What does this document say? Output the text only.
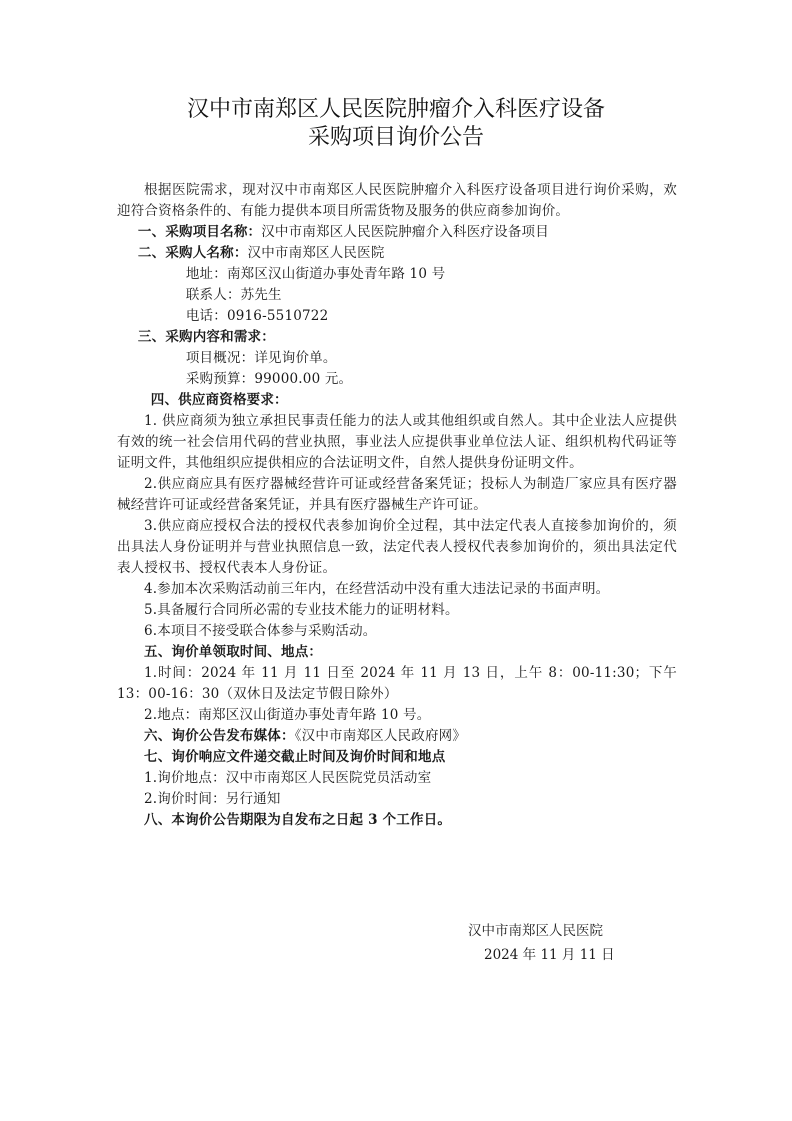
汉中市南郑区人民医院肿瘤介入科医疗设备
采购项目询价公告

根据医院需求，现对汉中市南郑区人民医院肿瘤介入科医疗设备项目进行询价采购，欢迎符合资格条件的、有能力提供本项目所需货物及服务的供应商参加询价。

一、采购项目名称：汉中市南郑区人民医院肿瘤介入科医疗设备项目

二、采购人名称：汉中市南郑区人民医院

地址：南郑区汉山街道办事处青年路 10 号

联系人：苏先生

电话：0916-5510722

三、采购内容和需求：

项目概况：详见询价单。

采购预算：99000.00 元。

四、供应商资格要求：

1. 供应商须为独立承担民事责任能力的法人或其他组织或自然人。其中企业法人应提供有效的统一社会信用代码的营业执照，事业法人应提供事业单位法人证、组织机构代码证等证明文件，其他组织应提供相应的合法证明文件，自然人提供身份证明文件。

2.供应商应具有医疗器械经营许可证或经营备案凭证；投标人为制造厂家应具有医疗器械经营许可证或经营备案凭证，并具有医疗器械生产许可证。

3.供应商应授权合法的授权代表参加询价全过程，其中法定代表人直接参加询价的，须出具法人身份证明并与营业执照信息一致，法定代表人授权代表参加询价的，须出具法定代表人授权书、授权代表本人身份证。

4.参加本次采购活动前三年内，在经营活动中没有重大违法记录的书面声明。

5.具备履行合同所必需的专业技术能力的证明材料。

6.本项目不接受联合体参与采购活动。

五、询价单领取时间、地点：

1.时间：2024 年 11 月 11 日至 2024 年 11 月 13 日，上午 8：00-11:30；下午 13：00-16：30（双休日及法定节假日除外）

2.地点：南郑区汉山街道办事处青年路 10 号。

六、询价公告发布媒体：《汉中市南郑区人民政府网》

七、询价响应文件递交截止时间及询价时间和地点

1.询价地点：汉中市南郑区人民医院党员活动室

2.询价时间：另行通知

八、本询价公告期限为自发布之日起 3 个工作日。

汉中市南郑区人民医院
2024 年 11 月 11 日
